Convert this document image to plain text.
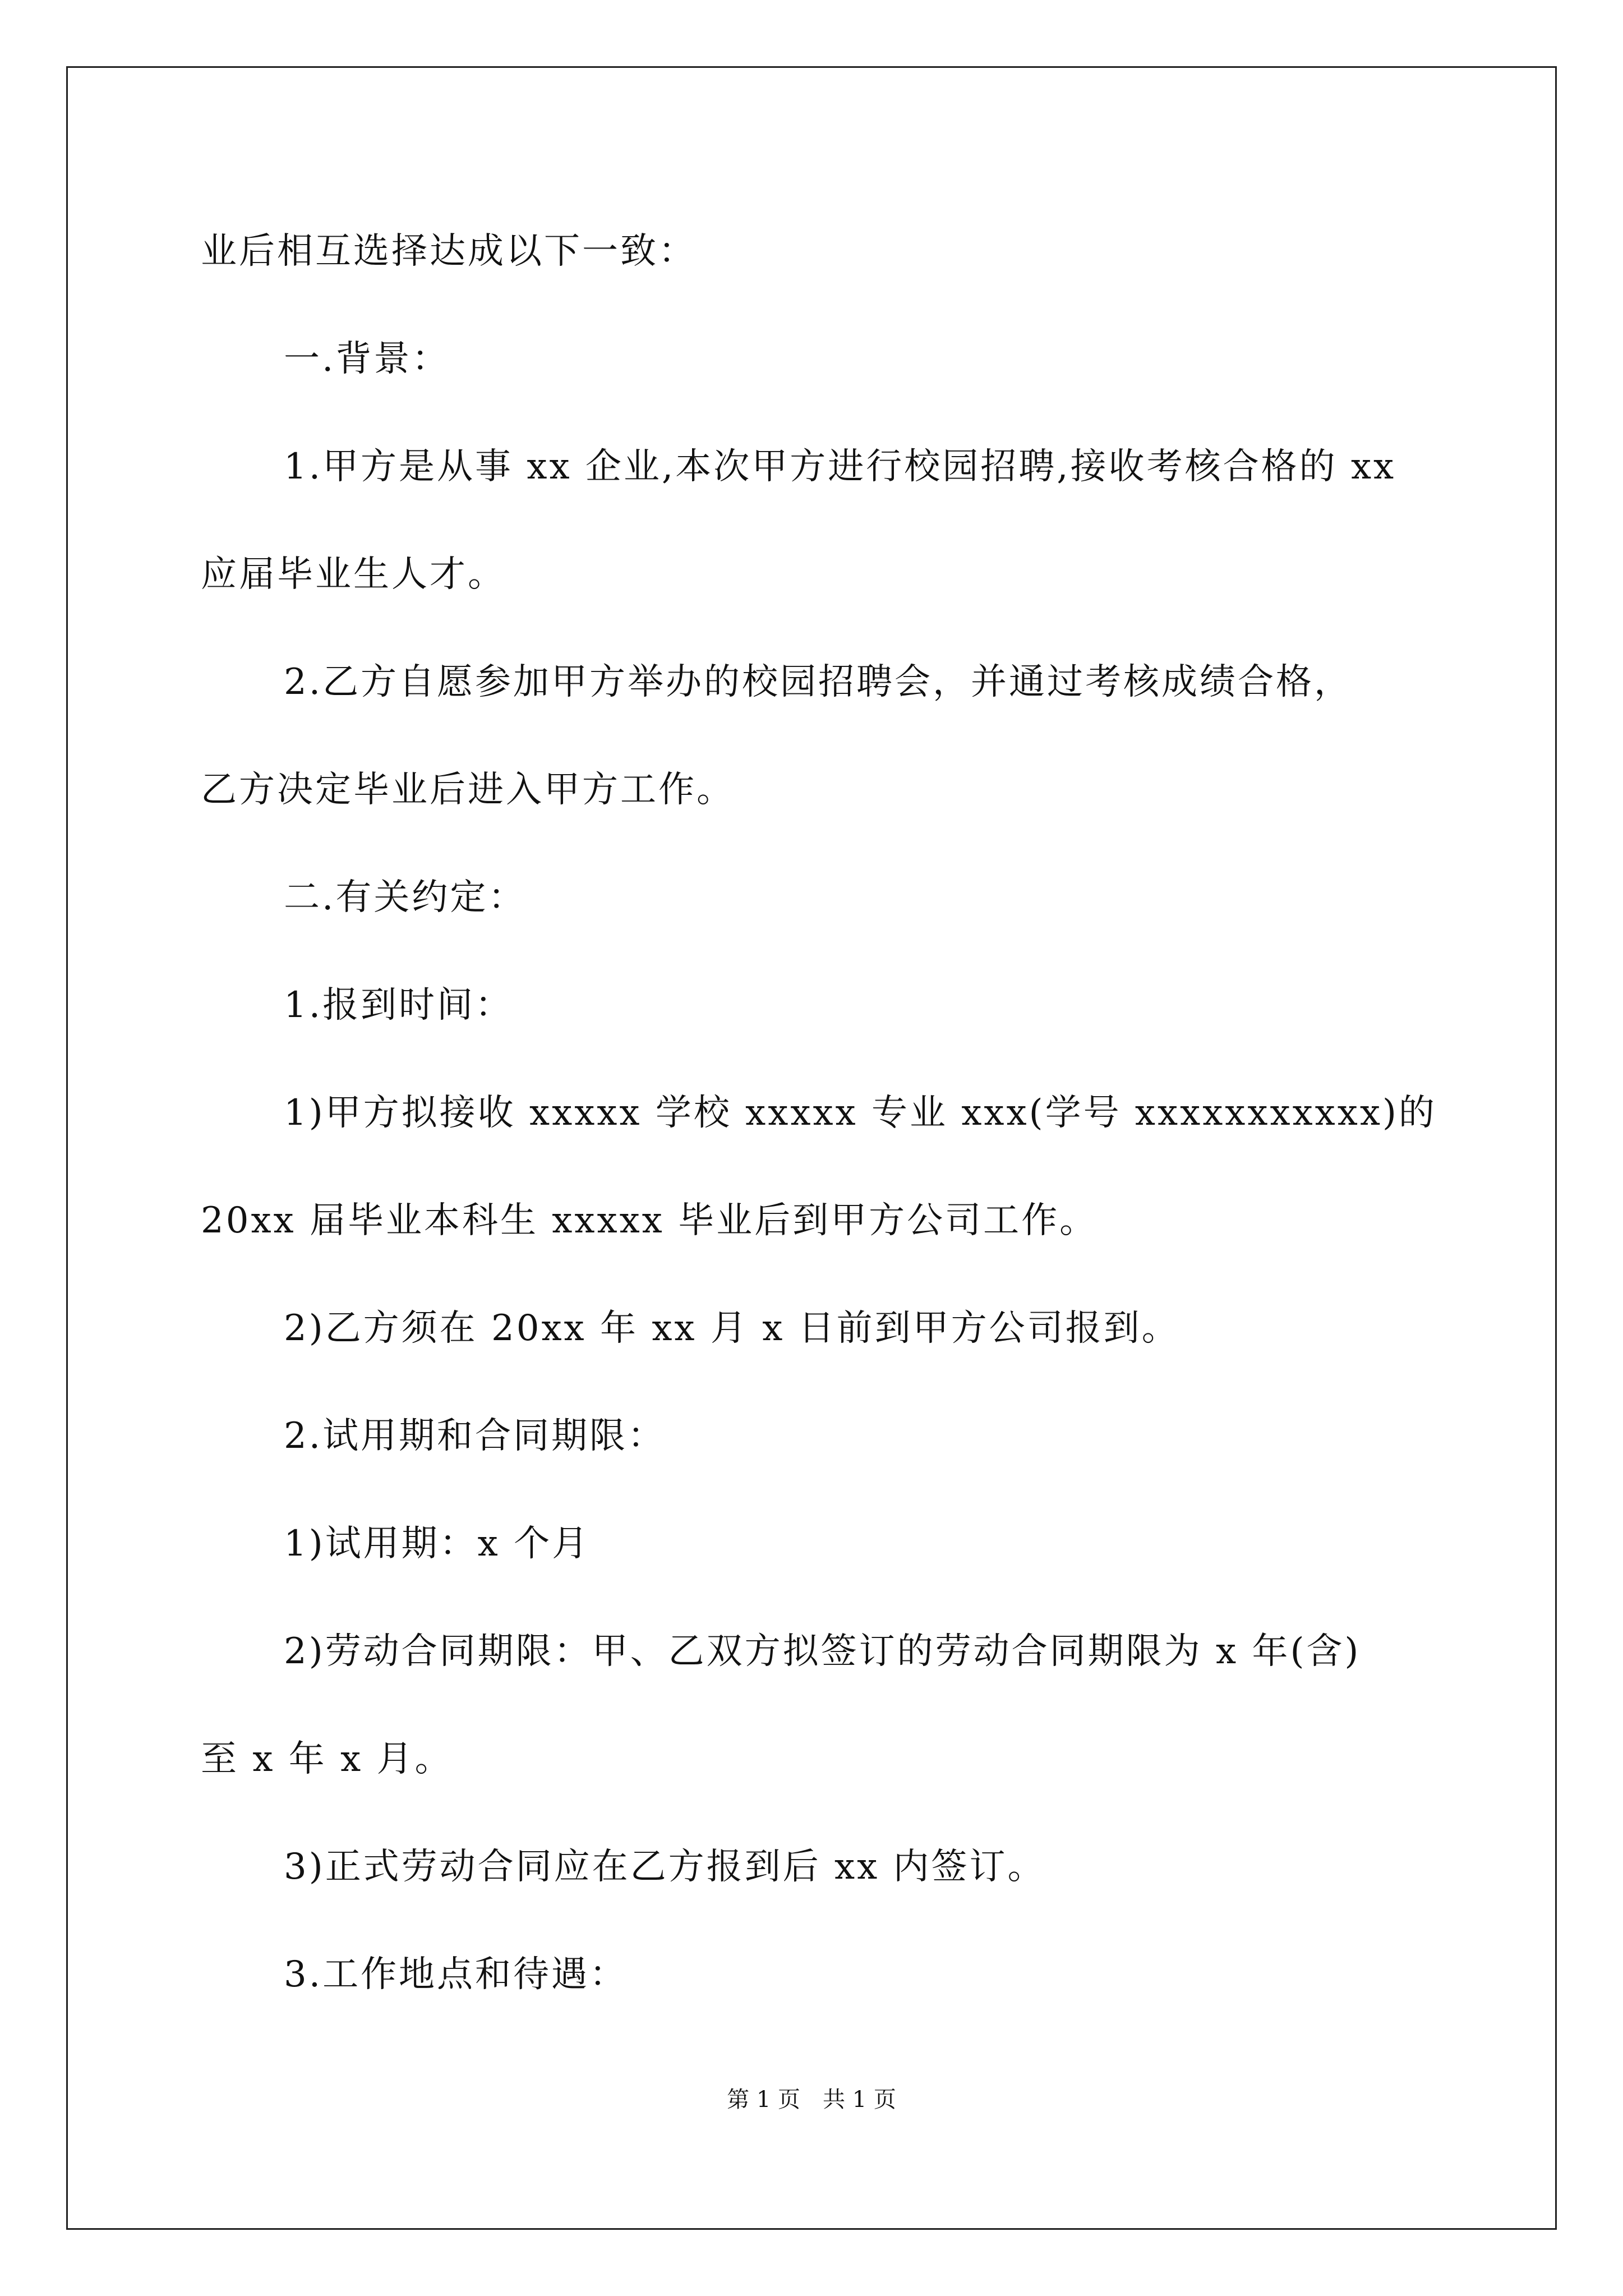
业后相互选择达成以下一致：

一.背景：

1.甲方是从事 xx 企业,本次甲方进行校园招聘,接收考核合格的 xx

应届毕业生人才。

2.乙方自愿参加甲方举办的校园招聘会，并通过考核成绩合格，

乙方决定毕业后进入甲方工作。

二.有关约定：

1.报到时间：

1)甲方拟接收 xxxxx 学校 xxxxx 专业 xxx(学号 xxxxxxxxxxx)的

20xx 届毕业本科生 xxxxx 毕业后到甲方公司工作。

2)乙方须在 20xx 年 xx 月 x 日前到甲方公司报到。

2.试用期和合同期限：

1)试用期：x 个月

2)劳动合同期限：甲、乙双方拟签订的劳动合同期限为 x 年(含)

至 x 年 x 月。

3)正式劳动合同应在乙方报到后 xx 内签订。

3.工作地点和待遇：

第 1 页　共 1 页
